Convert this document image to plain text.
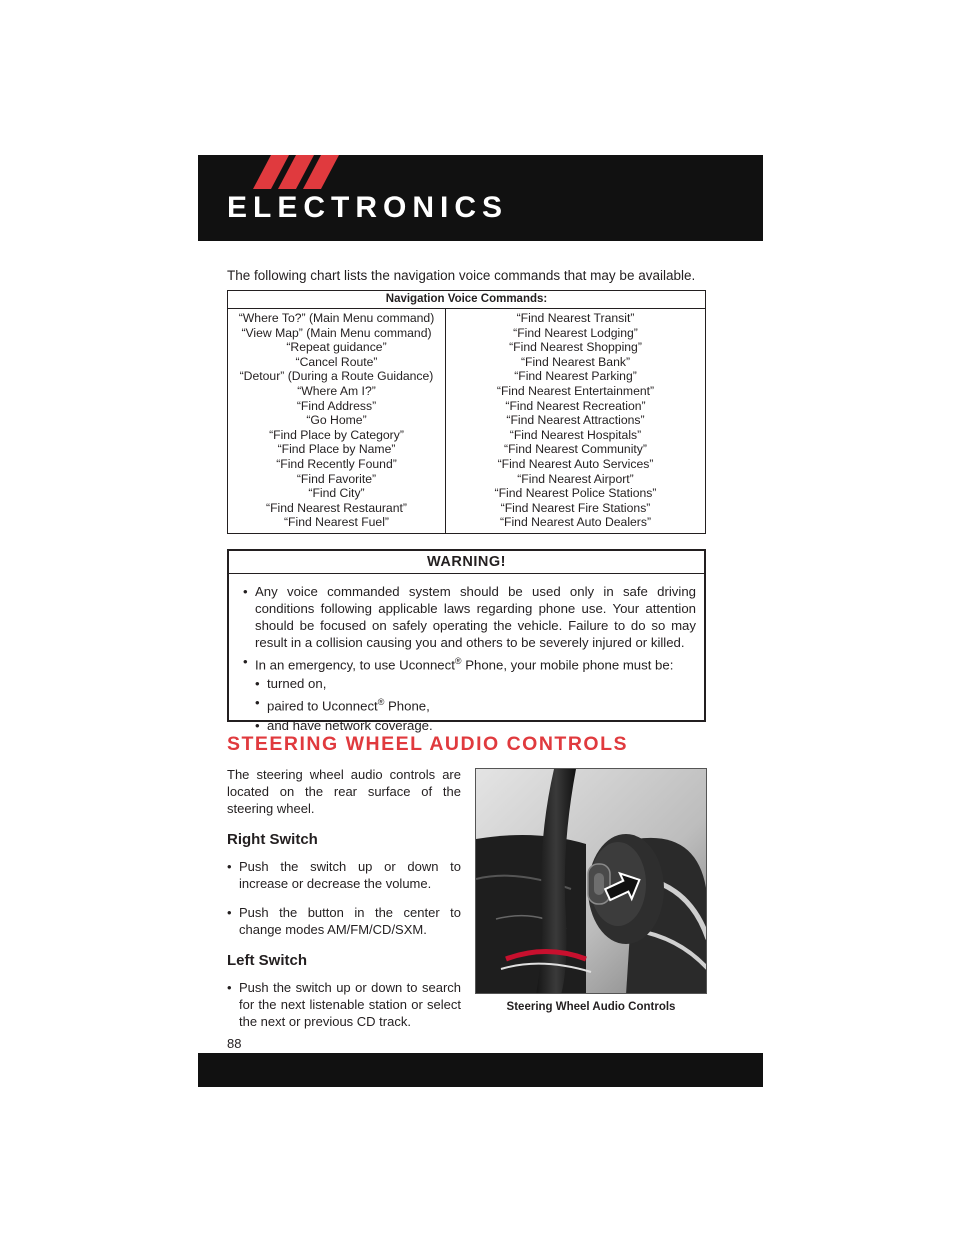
ELECTRONICS
The following chart lists the navigation voice commands that may be available.
Navigation Voice Commands:
“Where To?” (Main Menu command)
“View Map” (Main Menu command)
“Repeat guidance”
“Cancel Route”
“Detour” (During a Route Guidance)
“Where Am I?”
“Find Address”
“Go Home”
“Find Place by Category”
“Find Place by Name”
“Find Recently Found”
“Find Favorite”
“Find City”
“Find Nearest Restaurant”
“Find Nearest Fuel”
“Find Nearest Transit”
“Find Nearest Lodging”
“Find Nearest Shopping”
“Find Nearest Bank”
“Find Nearest Parking”
“Find Nearest Entertainment”
“Find Nearest Recreation”
“Find Nearest Attractions”
“Find Nearest Hospitals”
“Find Nearest Community”
“Find Nearest Auto Services”
“Find Nearest Airport”
“Find Nearest Police Stations”
“Find Nearest Fire Stations”
“Find Nearest Auto Dealers”
WARNING!
• Any voice commanded system should be used only in safe driving conditions following applicable laws regarding phone use. Your attention should be focused on safely operating the vehicle. Failure to do so may result in a collision causing you and others to be severely injured or killed.
• In an emergency, to use Uconnect® Phone, your mobile phone must be:
• turned on,
• paired to Uconnect® Phone,
• and have network coverage.
STEERING WHEEL AUDIO CONTROLS

The steering wheel audio controls are located on the rear surface of the steering wheel.

Right Switch
• Push the switch up or down to increase or decrease the volume.
• Push the button in the center to change modes AM/FM/CD/SXM.
Left Switch
• Push the switch up or down to search for the next listenable station or select the next or previous CD track.
Steering Wheel Audio Controls
88
